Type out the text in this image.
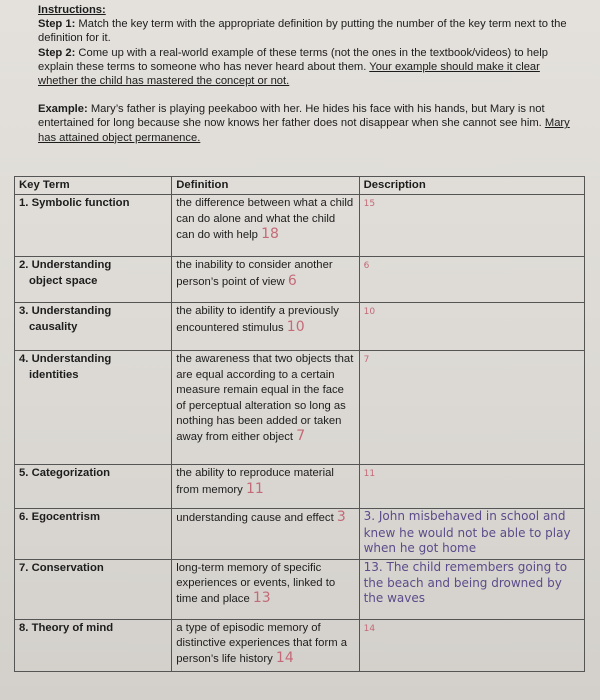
Instructions:

Step 1: Match the key term with the appropriate definition by putting the number of the key term next to the definition for it.

Step 2: Come up with a real-world example of these terms (not the ones in the textbook/videos) to help explain these terms to someone who has never heard about them. Your example should make it clear whether the child has mastered the concept or not.

Example: Mary’s father is playing peekaboo with her. He hides his face with his hands, but Mary is not entertained for long because she now knows her father does not disappear when she cannot see him. Mary has attained object permanence.

Key Term	Definition	Description
1. Symbolic function	the difference between what a child can do alone and what the child can do with help 18	15
2. Understanding
object space	the inability to consider another person’s point of view 6	6
3. Understanding
causality	the ability to identify a previously encountered stimulus 10	10
4. Understanding
identities	the awareness that two objects that are equal according to a certain measure remain equal in the face of perceptual alteration so long as nothing has been added or taken away from either object 7	7
5. Categorization	the ability to reproduce material from memory 11	11
6. Egocentrism	understanding cause and effect 3	3. John misbehaved in school and knew he would not be able to play when he got home
7. Conservation	long-term memory of specific experiences or events, linked to time and place 13	13. The child remembers going to the beach and being drowned by the waves
8. Theory of mind	a type of episodic memory of distinctive experiences that form a person’s life history 14	14
